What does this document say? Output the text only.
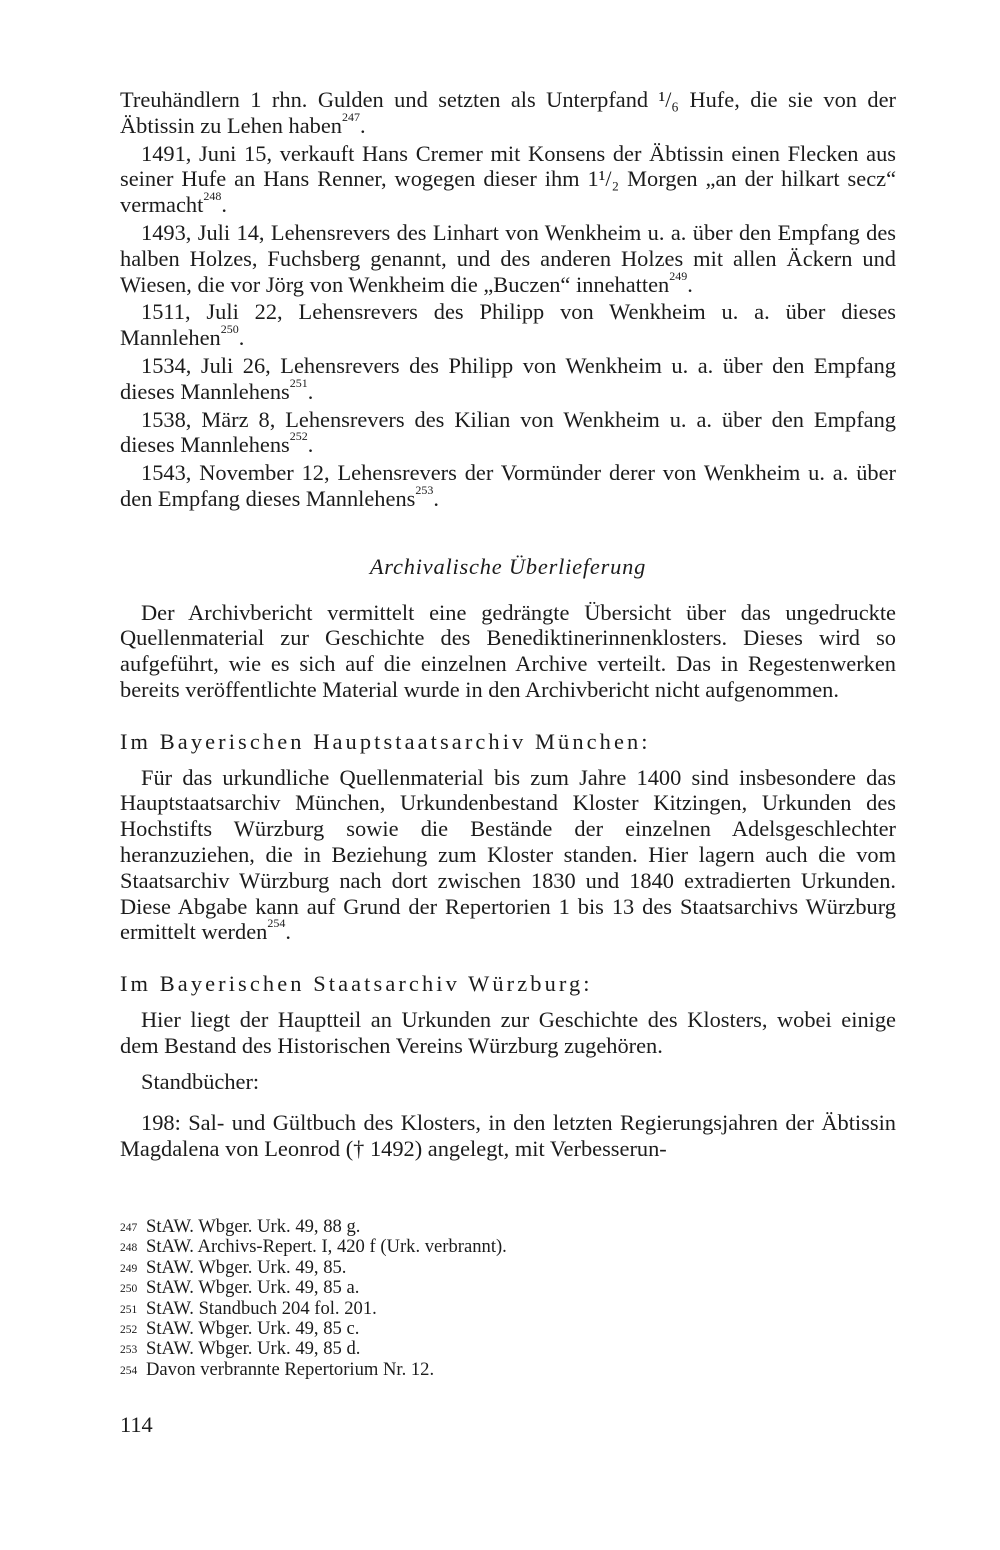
Treuhändlern 1 rhn. Gulden und setzten als Unterpfand ¹/₆ Hufe, die sie von der Äbtissin zu Lehen haben$^{247}$.

1491, Juni 15, verkauft Hans Cremer mit Konsens der Äbtissin einen Flecken aus seiner Hufe an Hans Renner, wogegen dieser ihm 1¹/₂ Morgen „an der hilkart secz“ vermacht$^{248}$.

1493, Juli 14, Lehensrevers des Linhart von Wenkheim u. a. über den Empfang des halben Holzes, Fuchsberg genannt, und des anderen Holzes mit allen Äckern und Wiesen, die vor Jörg von Wenkheim die „Buczen“ innehatten$^{249}$.

1511, Juli 22, Lehensrevers des Philipp von Wenkheim u. a. über dieses Mannlehen$^{250}$.

1534, Juli 26, Lehensrevers des Philipp von Wenkheim u. a. über den Empfang dieses Mannlehens$^{251}$.

1538, März 8, Lehensrevers des Kilian von Wenkheim u. a. über den Empfang dieses Mannlehens$^{252}$.

1543, November 12, Lehensrevers der Vormünder derer von Wenkheim u. a. über den Empfang dieses Mannlehens$^{253}$.

Archivalische Überlieferung

Der Archivbericht vermittelt eine gedrängte Übersicht über das ungedruckte Quellenmaterial zur Geschichte des Benediktinerinnenklosters. Dieses wird so aufgeführt, wie es sich auf die einzelnen Archive verteilt. Das in Regestenwerken bereits veröffentlichte Material wurde in den Archivbericht nicht aufgenommen.

Im Bayerischen Hauptstaatsarchiv München:

Für das urkundliche Quellenmaterial bis zum Jahre 1400 sind insbesondere das Hauptstaatsarchiv München, Urkundenbestand Kloster Kitzingen, Urkunden des Hochstifts Würzburg sowie die Bestände der einzelnen Adelsgeschlechter heranzuziehen, die in Beziehung zum Kloster standen. Hier lagern auch die vom Staatsarchiv Würzburg nach dort zwischen 1830 und 1840 extradierten Urkunden. Diese Abgabe kann auf Grund der Repertorien 1 bis 13 des Staatsarchivs Würzburg ermittelt werden$^{254}$.

Im Bayerischen Staatsarchiv Würzburg:

Hier liegt der Hauptteil an Urkunden zur Geschichte des Klosters, wobei einige dem Bestand des Historischen Vereins Würzburg zugehören.

Standbücher:

198: Sal- und Gültbuch des Klosters, in den letzten Regierungsjahren der Äbtissin Magdalena von Leonrod († 1492) angelegt, mit Verbesserun-

247 StAW. Wbger. Urk. 49, 88 g.
248 StAW. Archivs-Repert. I, 420 f (Urk. verbrannt).
249 StAW. Wbger. Urk. 49, 85.
250 StAW. Wbger. Urk. 49, 85 a.
251 StAW. Standbuch 204 fol. 201.
252 StAW. Wbger. Urk. 49, 85 c.
253 StAW. Wbger. Urk. 49, 85 d.
254 Davon verbrannte Repertorium Nr. 12.
114
